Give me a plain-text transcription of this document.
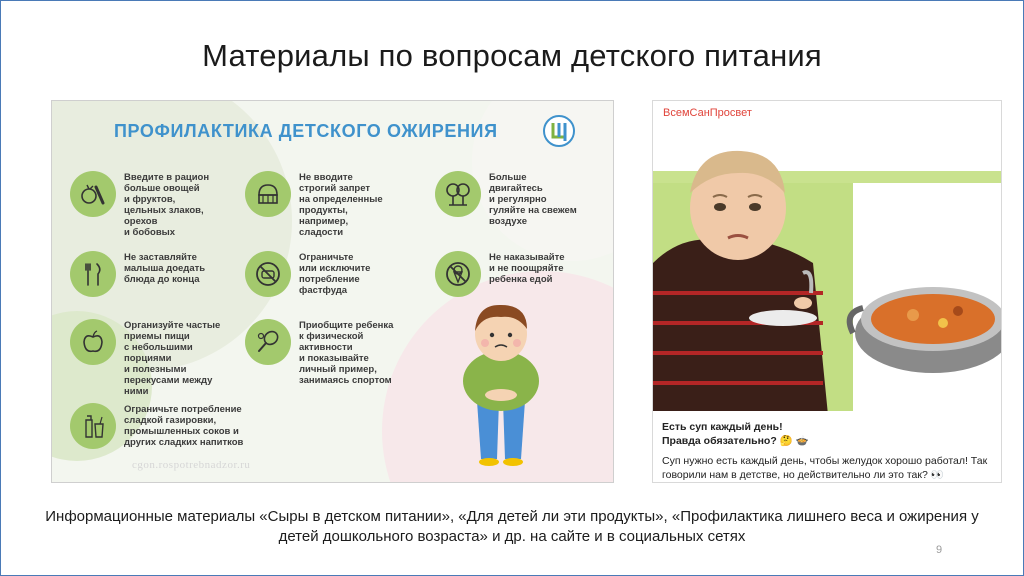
Материалы по вопросам детского питания
ПРОФИЛАКТИКА ДЕТСКОГО ОЖИРЕНИЯ
Введите в рацион
больше овощей
и фруктов,
цельных злаков,
орехов
и бобовых
Не вводите
строгий запрет
на определенные
продукты,
например,
сладости
Больше
двигайтесь
и регулярно
гуляйте на свежем
воздухе
Не заставляйте
малыша доедать
блюда до конца
Ограничьте
или исключите
потребление
фастфуда
Не наказывайте
и не поощряйте
ребенка едой
Организуйте частые
приемы пищи
с небольшими
порциями
и полезными
перекусами между
ними
Приобщите ребенка
к физической
активности
и показывайте
личный пример,
занимаясь спортом
Ограничьте потребление
сладкой газировки,
промышленных соков и
других сладких напитков
cgon.rospotrebnadzor.ru
ВсемСанПросвет

Есть суп каждый день!
Правда обязательно? 🤔 🍲

Суп нужно есть каждый день, чтобы желудок хорошо работал! Так говорили нам в детстве, но действительно ли это так? 👀

Информационные материалы «Сыры в детском питании», «Для детей ли эти продукты», «Профилактика лишнего веса и ожирения у детей дошкольного возраста» и др. на сайте и в социальных сетях
9
